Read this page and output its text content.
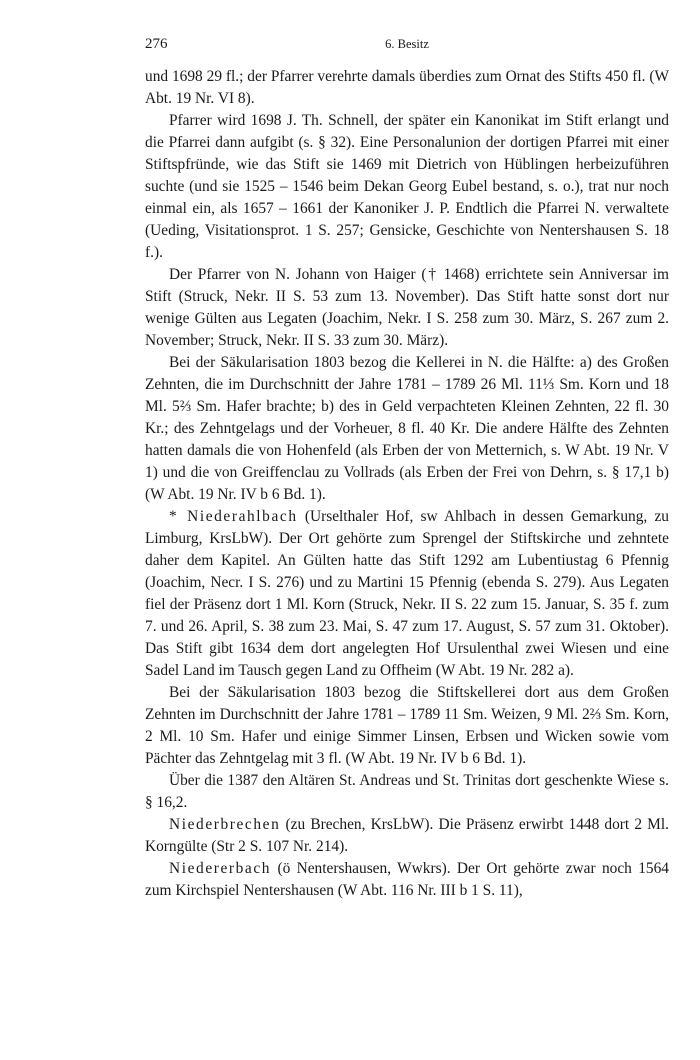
276	6. Besitz

und 1698 29 fl.; der Pfarrer verehrte damals überdies zum Ornat des Stifts 450 fl. (W Abt. 19 Nr. VI 8).

Pfarrer wird 1698 J. Th. Schnell, der später ein Kanonikat im Stift erlangt und die Pfarrei dann aufgibt (s. § 32). Eine Personalunion der dortigen Pfarrei mit einer Stiftspfründe, wie das Stift sie 1469 mit Dietrich von Hüblingen herbeizuführen suchte (und sie 1525 – 1546 beim Dekan Georg Eubel bestand, s. o.), trat nur noch einmal ein, als 1657 – 1661 der Kanoniker J. P. Endtlich die Pfarrei N. verwaltete (Ueding, Visitationsprot. 1 S. 257; Gensicke, Geschichte von Nentershausen S. 18 f.).

Der Pfarrer von N. Johann von Haiger († 1468) errichtete sein Anniversar im Stift (Struck, Nekr. II S. 53 zum 13. November). Das Stift hatte sonst dort nur wenige Gülten aus Legaten (Joachim, Nekr. I S. 258 zum 30. März, S. 267 zum 2. November; Struck, Nekr. II S. 33 zum 30. März).

Bei der Säkularisation 1803 bezog die Kellerei in N. die Hälfte: a) des Großen Zehnten, die im Durchschnitt der Jahre 1781 – 1789 26 Ml. 11⅓ Sm. Korn und 18 Ml. 5⅔ Sm. Hafer brachte; b) des in Geld verpachteten Kleinen Zehnten, 22 fl. 30 Kr.; des Zehntgelags und der Vorheuer, 8 fl. 40 Kr. Die andere Hälfte des Zehnten hatten damals die von Hohenfeld (als Erben der von Metternich, s. W Abt. 19 Nr. V 1) und die von Greiffenclau zu Vollrads (als Erben der Frei von Dehrn, s. § 17,1 b) (W Abt. 19 Nr. IV b 6 Bd. 1).

* Niederahlbach (Urselthaler Hof, sw Ahlbach in dessen Gemarkung, zu Limburg, KrsLbW). Der Ort gehörte zum Sprengel der Stiftskirche und zehntete daher dem Kapitel. An Gülten hatte das Stift 1292 am Lubentiustag 6 Pfennig (Joachim, Necr. I S. 276) und zu Martini 15 Pfennig (ebenda S. 279). Aus Legaten fiel der Präsenz dort 1 Ml. Korn (Struck, Nekr. II S. 22 zum 15. Januar, S. 35 f. zum 7. und 26. April, S. 38 zum 23. Mai, S. 47 zum 17. August, S. 57 zum 31. Oktober). Das Stift gibt 1634 dem dort angelegten Hof Ursulenthal zwei Wiesen und eine Sadel Land im Tausch gegen Land zu Offheim (W Abt. 19 Nr. 282 a).

Bei der Säkularisation 1803 bezog die Stiftskellerei dort aus dem Großen Zehnten im Durchschnitt der Jahre 1781 – 1789 11 Sm. Weizen, 9 Ml. 2⅔ Sm. Korn, 2 Ml. 10 Sm. Hafer und einige Simmer Linsen, Erbsen und Wicken sowie vom Pächter das Zehntgelag mit 3 fl. (W Abt. 19 Nr. IV b 6 Bd. 1).

Über die 1387 den Altären St. Andreas und St. Trinitas dort geschenkte Wiese s. § 16,2.

Niederbrechen (zu Brechen, KrsLbW). Die Präsenz erwirbt 1448 dort 2 Ml. Korngülte (Str 2 S. 107 Nr. 214).

Niedererbach (ö Nentershausen, Wwkrs). Der Ort gehörte zwar noch 1564 zum Kirchspiel Nentershausen (W Abt. 116 Nr. III b 1 S. 11),
